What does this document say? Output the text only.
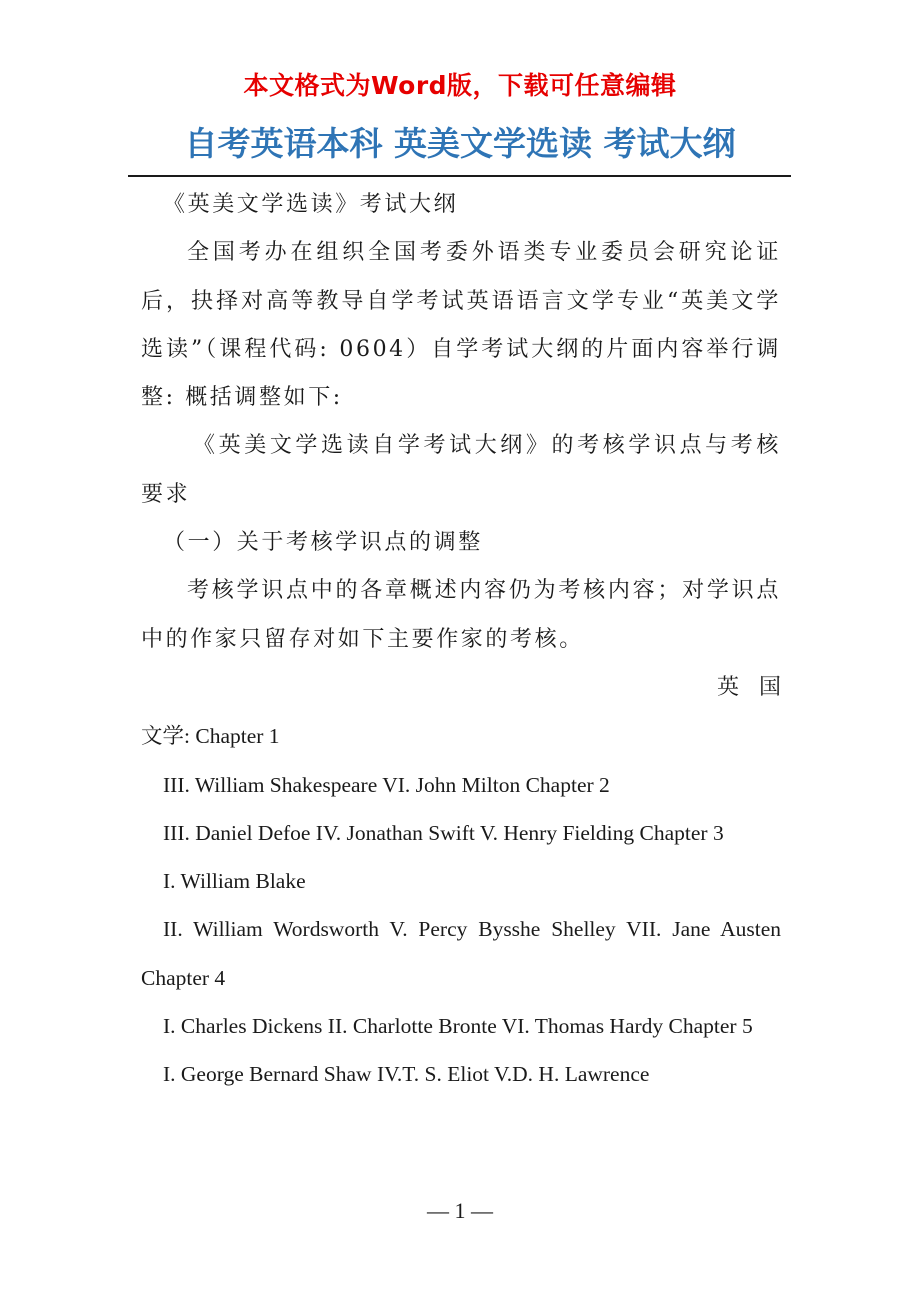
本文格式为Word版，下载可任意编辑
自考英语本科 英美文学选读 考试大纲

《英美文学选读》考试大纲

全国考办在组织全国考委外语类专业委员会研究论证后，抉择对高等教导自学考试英语语言文学专业“英美文学选读”（课程代码: 0604）自学考试大纲的片面内容举行调整: 概括调整如下:

《英美文学选读自学考试大纲》的考核学识点与考核要求

（一）关于考核学识点的调整

考核学识点中的各章概述内容仍为考核内容；对学识点中的作家只留存对如下主要作家的考核。

英国

文学: Chapter 1

III. William Shakespeare VI. John Milton Chapter 2

III. Daniel Defoe IV. Jonathan Swift V. Henry Fielding Chapter 3

I. William Blake

II. William Wordsworth V. Percy Bysshe Shelley VII. Jane Austen Chapter 4

I. Charles Dickens II. Charlotte Bronte VI. Thomas Hardy Chapter 5

I. George Bernard Shaw IV.T. S. Eliot V.D. H. Lawrence

— 1 —
